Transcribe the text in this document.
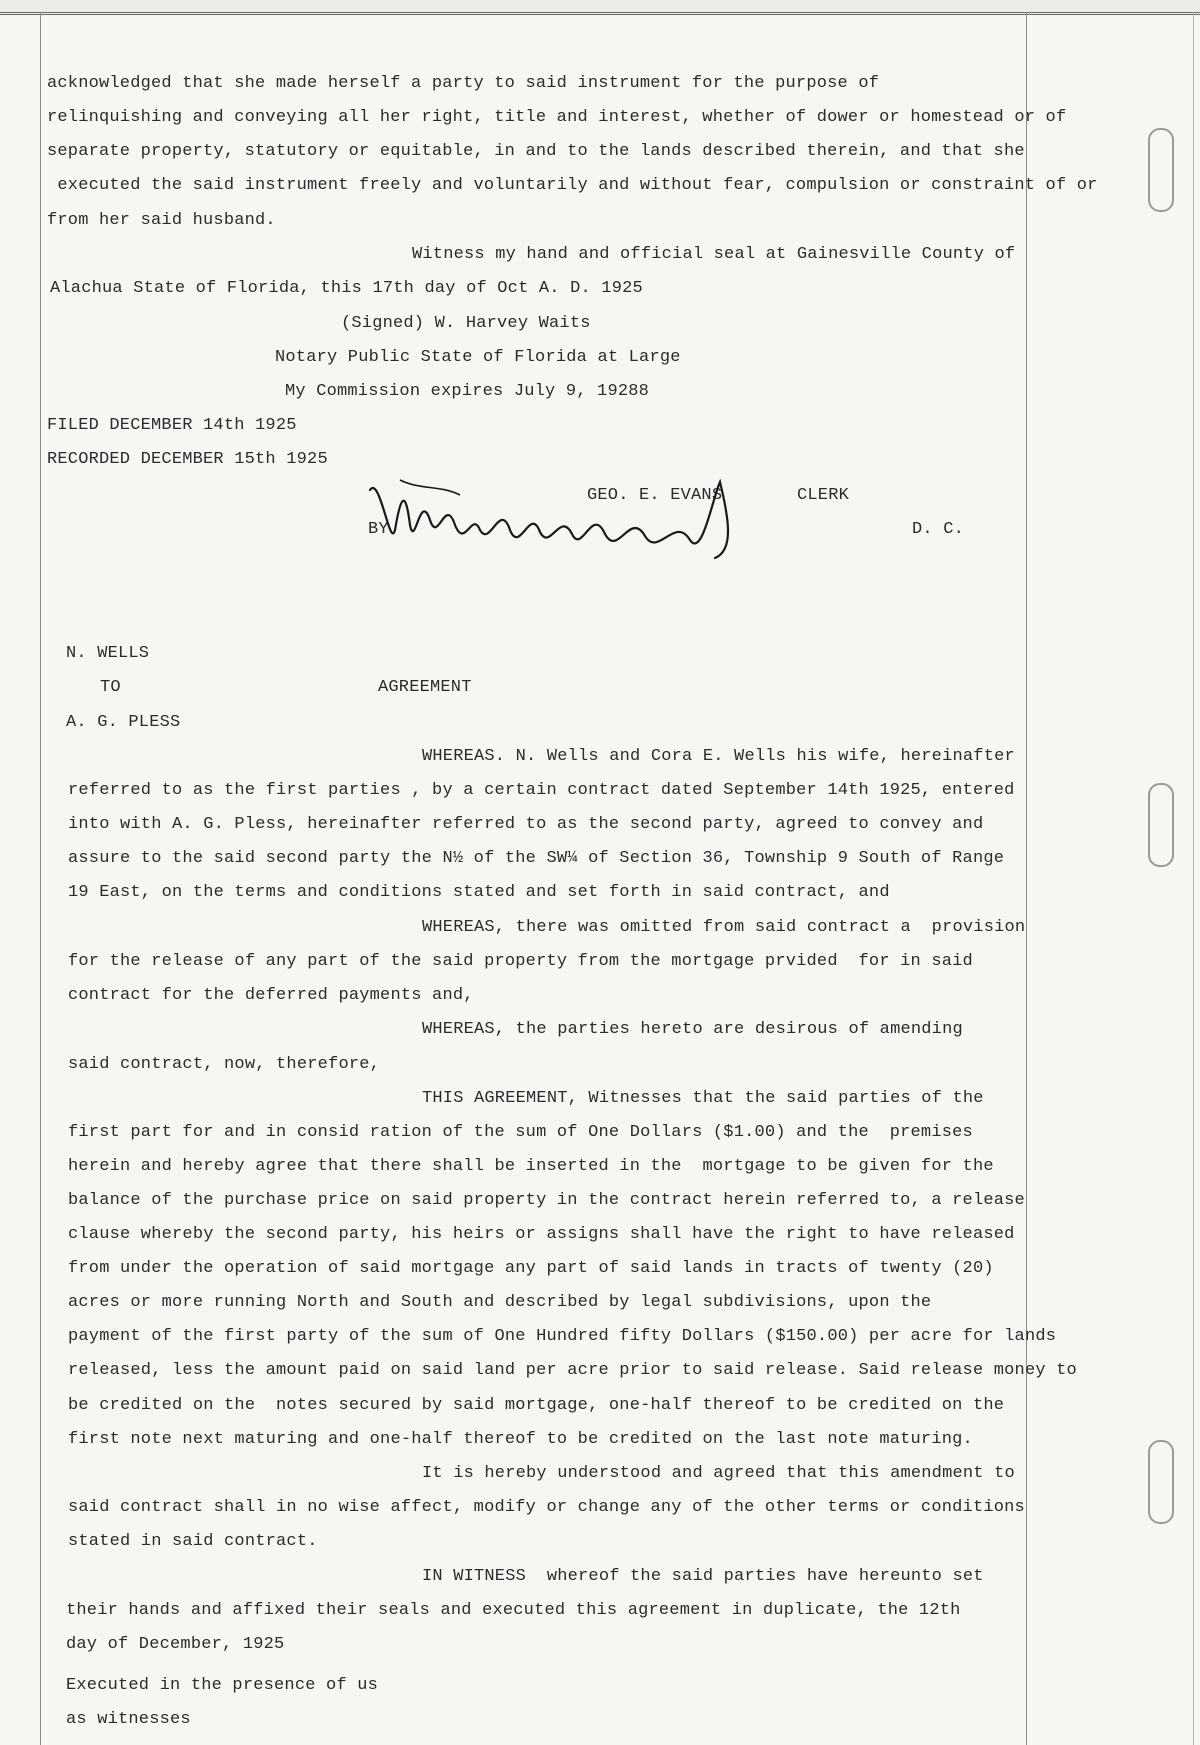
acknowledged that she made herself a party to said instrument for the purpose of
relinquishing and conveying all her right, title and interest, whether of dower or homestead or of
separate property, statutory or equitable, in and to the lands described therein, and that she
executed the said instrument freely and voluntarily and without fear, compulsion or constraint of or
from her said husband.
Witness my hand and official seal at Gainesville County of
Alachua State of Florida, this 17th day of Oct A. D. 1925
(Signed) W. Harvey Waits
Notary Public State of Florida at Large
My Commission expires July 9, 19288
FILED DECEMBER 14th 1925
RECORDED DECEMBER 15th 1925
GEO. E. EVANS	CLERK
BY	D. C.
N. WELLS
TO	AGREEMENT
A. G. PLESS
WHEREAS. N. Wells and Cora E. Wells his wife, hereinafter
referred to as the first parties , by a certain contract dated September 14th 1925, entered
into with A. G. Pless, hereinafter referred to as the second party, agreed to convey and
assure to the said second party the N½ of the SW¼ of Section 36, Township 9 South of Range
19 East, on the terms and conditions stated and set forth in said contract, and
WHEREAS, there was omitted from said contract a  provision
for the release of any part of the said property from the mortgage prvided  for in said
contract for the deferred payments and,
WHEREAS, the parties hereto are desirous of amending
said contract, now, therefore,
THIS AGREEMENT, Witnesses that the said parties of the
first part for and in consid ration of the sum of One Dollars ($1.00) and the  premises
herein and hereby agree that there shall be inserted in the  mortgage to be given for the
balance of the purchase price on said property in the contract herein referred to, a release
clause whereby the second party, his heirs or assigns shall have the right to have released
from under the operation of said mortgage any part of said lands in tracts of twenty (20)
acres or more running North and South and described by legal subdivisions, upon the
payment of the first party of the sum of One Hundred fifty Dollars ($150.00) per acre for lands
released, less the amount paid on said land per acre prior to said release. Said release money to
be credited on the  notes secured by said mortgage, one-half thereof to be credited on the
first note next maturing and one-half thereof to be credited on the last note maturing.
It is hereby understood and agreed that this amendment to
said contract shall in no wise affect, modify or change any of the other terms or conditions
stated in said contract.
IN WITNESS  whereof the said parties have hereunto set
their hands and affixed their seals and executed this agreement in duplicate, the 12th
day of December, 1925
Executed in the presence of us
as witnesses
